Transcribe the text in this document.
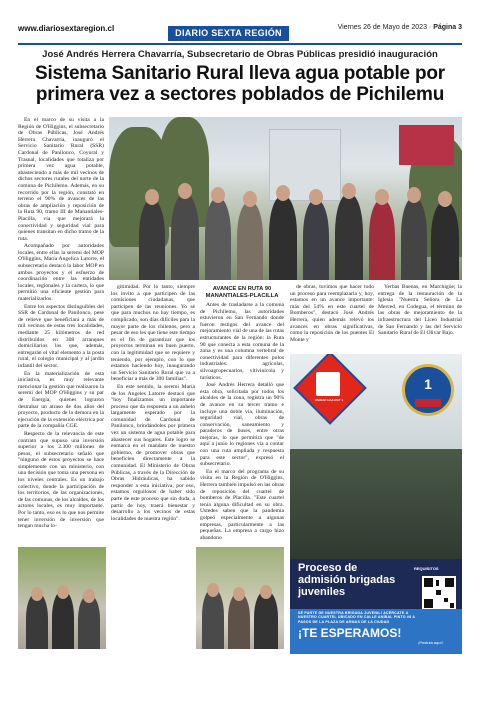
www.diariosextaregion.cl	DIARIO SEXTA REGIÓN
Viernes 26 de Mayo de 2023 · Página 3
José Andrés Herrera Chavarría, Subsecretario de Obras Públicas presidió inauguración
Sistema Sanitario Rural lleva agua potable por primera vez a sectores poblados de Pichilemu

En el marco de su visita a la Región de O'Higgins, el subsecretario de Obras Públicas, José Andrés Herrera Chavarría, inauguró el Servicio Sanitario Rural (SSR) Cardonal de Panilonco, Coyoral y Trasnal, localidades que totaliza por primera vez agua potable, abasteciendo a más de mil vecinos de dichos sectores rurales del norte de la comuna de Pichilemu. Además, en su recorrido por la región, constató en terreno el 90% de avances de las obras de ampliación y reposición de la Ruta 90, tramo III de Manantiales-Placilla, vía que mejorará la conectividad y seguridad vial para quienes transitan en dicho tramo de la ruta.

Acompañado por autoridades locales, entre ellas la seremi del MOP O'Higgins, María Angelica Latorre, el subsecretario destacó la labor MOP en ambos proyectos y el esfuerzo de coordinación entre las entidades locales, regionales y la cartera, lo que permitió una eficiente gestión para materializarlos.

Entre los aspectos distinguibles del SSR de Cardonal de Panilonco, pese de relieve que beneficiará a más de mil vecinos de estas tres localidades, mediante 25 kilómetros de red distribuidos en 308 arranques domiciliarios los que, además, entregarán el vital elemento a la posta rural, el colegio municipal y al jardín infantil del sector.

En la materialización de esta iniciativa, es muy relevante mencionar la gestión que realizaron la seremi del MOP O'Higgins y su par de Energía, quienes lograron destrabar un atraso de dos años del proyecto, producto de la demora en la ejecución de la extensión eléctrica por parte de la compañía CGE.

Respecto de la relevancia de este contrato que supuso una inversión superior a los 2.300 millones de pesos, el subsecretario señaló que "ninguno de estos proyectos se hace simplemente con un ministerio, con una decisión que toma una persona en los niveles centrales. Es un trabajo colectivo, donde la participación de los territorios, de las organizaciones, de las comunas, de los alcaldes, de los actores locales, es muy importante. Por lo tanto, eso es lo que nos permite tener inversión de inversión que tengan mucha lo-

gitimidad. Por lo tanto, siempre los invito a que participen de las comisiones ciudadanas, que participen de las reuniones. Yo sé que para muchos no hay tiempo, es complicado, son días difíciles para la mayor parte de los chilenos, pero a pesar de eso les que tiene este tiempo es el fin de garantizar que los proyectos terminan en buen puerto, con la legitimidad que se requiere y teniendo, por ejemplo, con lo que estamos haciendo hoy, inaugurando un Servicio Sanitario Rural que va a beneficiar a más de 300 familias".

En este sentido, la seremi María de los Angeles Latorre destacó que "hoy finalizamos un importante proceso que da respuesta a un anhelo largamente esperado por la comunidad de Cardonal de Panilonco, brindándoles por primera vez un sistema de agua potable para abastecer sus hogares. Este logro se enmarca en el mandato de nuestro gobierno, de promover obras que beneficien directamente a la comunidad. El Ministerio de Obras Públicas, a través de la Dirección de Obras Hidráulicas, ha sabido responder a esta iniciativa, por eso, estamos orgullosos de haber sido parte de este proceso que sin duda, a partir de hoy, traerá bienestar y desarrollo a los vecinos de estas localidades de nuestra región".

AVANCE EN RUTA 90 MANANTIALES-PLACILLA

Antes de trasladarse a la comuna de Pichilemu, las autoridades estuvieron en San Fernando donde fueron testigos del avance del mejoramiento vial de una de las rutas estructurantes de la región: la Ruta 90 que conecta a esta comuna de la zona y es una columna vertebral de conectividad para diferentes polos industriales: agrícolas, silvoagropecuarios, vitivinícola y turísticos.

José Andrés Herrera detalló que esta obra, solicitada por todos los alcaldes de la zona, registra un 90% de avance en su tercer tramo e incluye una doble vía, iluminación, seguridad vial, obras de conservación, saneamiento y paraderos de buses, entre otras mejoras, lo que permitirá que "de aquí a junio lo regiones vía a contar con una ruta ampliada y respuesta para este sector", expresó el subsecretario.

En el marco del programa de su visita en la Región de O'Higgins, Herrera también impulsó en las obras de reposición del cuartel de bomberos de Placilla. "Este cuartel tenía alguna dificultad en su obra. Ustedes saben que la pandemia golpeó especialmente a algunas empresas, particularmente a las pequeñas. La empresa a cargo hizo abandono

de obras, tuvimos que hacer todo un proceso para reemplazarla y, hoy, estamos en un avance importante: más del 54% en este cuartel de Bomberos", destacó José Andrés Herrera, quien además relevó los avances en obras significativas, como la reposición de los puentes El Monte y

Yerbas Buenas, en Marchigüe; la entrega de la restauración de la Iglesia "Nuestra Señora de La Merced, en Codegua, el término de las obras de mejoramiento de la infraestructura del Liceo Industrial de San Fernando y las del Servicio Sanitario Rural de El Olivar Bajo.

UNIDAD HAZ-MAT 1
1
Proceso de admisión brigadas juveniles
REQUISITOS
SÉ PARTE DE NUESTRA BRIGADA JUVENIL! ACÉRCATE A NUESTRO CUARTEL UBICADO EN CALLE ANÍBAL PINTO #8 A PASOS DE LA PLAZA DE ARMAS DE LA CIUDAD
¡TE ESPERAMOS!
¡Postula aquí!
